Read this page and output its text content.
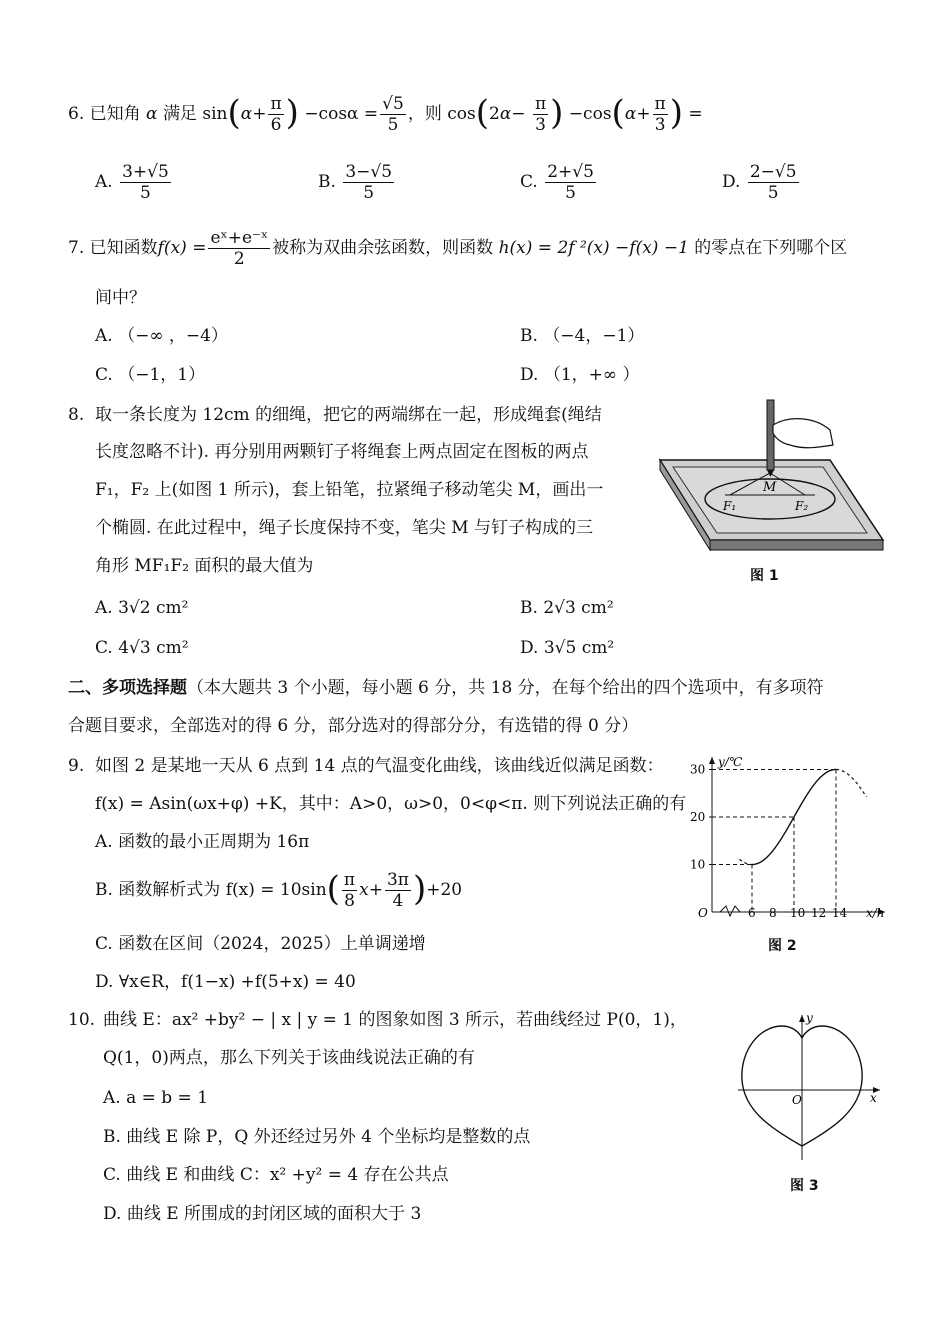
6. 已知角 α 满足 $\sin(\alpha+ \frac{\pi}{6}$ ) $-\cos\alpha = \frac{√5}{5}$ ，则 $\cos(2\alpha- \frac{\pi}{3}$ ) $-\cos(\alpha+ \frac{\pi}{3}$ ) =
A. $\frac{3+√5}{5}$	B. $\frac{3-√5}{5}$	C. $\frac{2+√5}{5}$	D. $\frac{2-√5}{5}$
7. 已知函数$f(x) = \frac{\text{eˣ+e⁻ˣ}}{2}$ 被称为双曲余弦函数，则函数 h(x) = 2f ²(x) −f(x) −1 的零点在下列哪个区
间中？
A. （−∞ ，−4）	B. （−4，−1）
C. （−1，1）	D. （1，+∞ ）
8. 取一条长度为 12cm 的细绳，把它的两端绑在一起，形成绳套(绳结
长度忽略不计). 再分别用两颗钉子将绳套上两点固定在图板的两点
F₁，F₂ 上(如图 1 所示)，套上铅笔，拉紧绳子移动笔尖 M，画出一
个椭圆. 在此过程中，绳子长度保持不变，笔尖 M 与钉子构成的三
角形 MF₁F₂ 面积的最大值为
A. 3√2 cm²	B. 2√3 cm²
C. 4√3 cm²	D. 3√5 cm²
M
F₁	F₂
图 1
二、多项选择题（本大题共 3 个小题，每小题 6 分，共 18 分，在每个给出的四个选项中，有多项符
合题目要求，全部选对的得 6 分，部分选对的得部分分，有选错的得 0 分）
9. 如图 2 是某地一天从 6 点到 14 点的气温变化曲线，该曲线近似满足函数：
f(x) = Asin(ωx+φ) +K，其中：A>0，ω>0，0<φ<π. 则下列说法正确的有
A. 函数的最小正周期为 16π
B. 函数解析式为 $f(x) = 10\sin( \frac{\pi}{8} x+ \frac{3\pi}{4} )+20$
C. 函数在区间（2024，2025）上单调递增
D. ∀x∈R，f(1−x) +f(5+x) = 40
y/℃
x/h
O	6 8 10 12 14
10
20
30
图 2
10. 曲线 E：ax² +by² − | x | y = 1 的图象如图 3 所示，若曲线经过 P(0，1)，
Q(1，0)两点，那么下列关于该曲线说法正确的有
A. a = b = 1
B. 曲线 E 除 P，Q 外还经过另外 4 个坐标均是整数的点
C. 曲线 E 和曲线 C：x² +y² = 4 存在公共点
D. 曲线 E 所围成的封闭区域的面积大于 3
x
y
O
图 3
